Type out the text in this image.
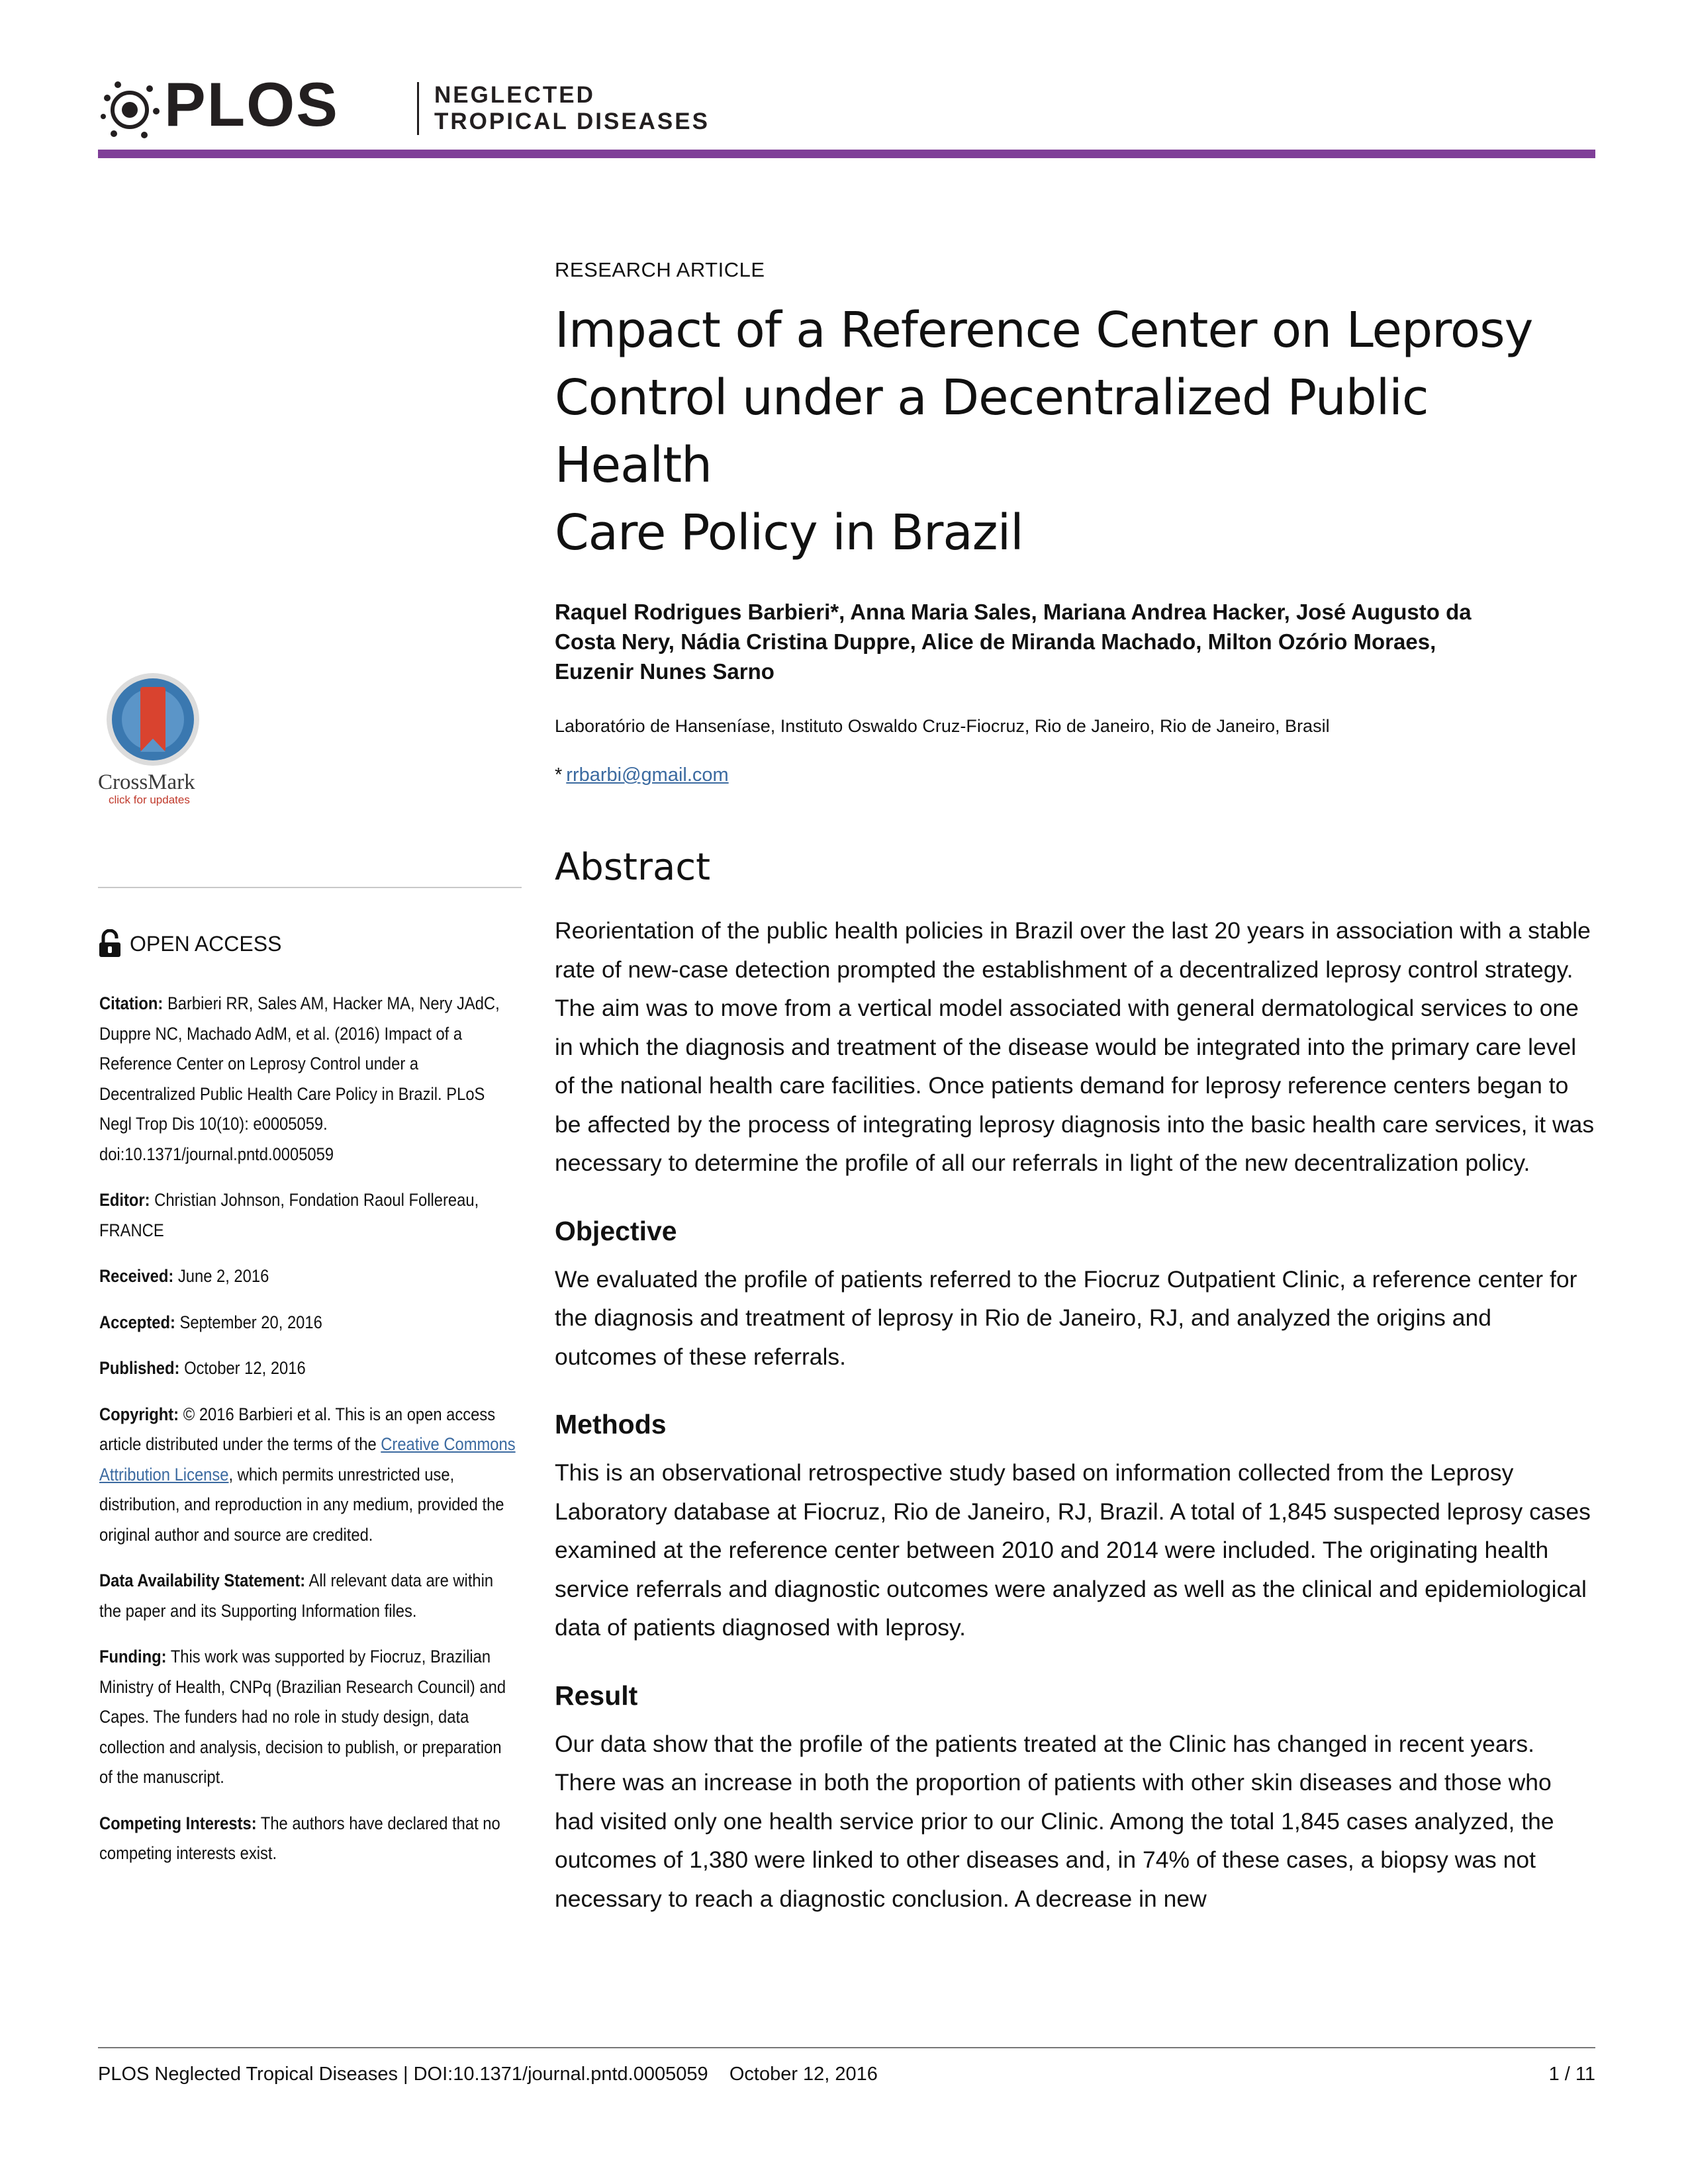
PLOS	NEGLECTED
TROPICAL DISEASES
CrossMark
click for updates
OPEN ACCESS

Citation: Barbieri RR, Sales AM, Hacker MA, Nery JAdC, Duppre NC, Machado AdM, et al. (2016) Impact of a Reference Center on Leprosy Control under a Decentralized Public Health Care Policy in Brazil. PLoS Negl Trop Dis 10(10): e0005059. doi:10.1371/journal.pntd.0005059

Editor: Christian Johnson, Fondation Raoul Follereau, FRANCE

Received: June 2, 2016

Accepted: September 20, 2016

Published: October 12, 2016

Copyright: © 2016 Barbieri et al. This is an open access article distributed under the terms of the Creative Commons Attribution License, which permits unrestricted use, distribution, and reproduction in any medium, provided the original author and source are credited.

Data Availability Statement: All relevant data are within the paper and its Supporting Information files.

Funding: This work was supported by Fiocruz, Brazilian Ministry of Health, CNPq (Brazilian Research Council) and Capes. The funders had no role in study design, data collection and analysis, decision to publish, or preparation of the manuscript.

Competing Interests: The authors have declared that no competing interests exist.

RESEARCH ARTICLE

Impact of a Reference Center on Leprosy
Control under a Decentralized Public Health
Care Policy in Brazil
Raquel Rodrigues Barbieri*, Anna Maria Sales, Mariana Andrea Hacker, José Augusto da
Costa Nery, Nádia Cristina Duppre, Alice de Miranda Machado, Milton Ozório Moraes,
Euzenir Nunes Sarno

Laboratório de Hanseníase, Instituto Oswaldo Cruz-Fiocruz, Rio de Janeiro, Rio de Janeiro, Brasil

* rrbarbi@gmail.com

Abstract

Reorientation of the public health policies in Brazil over the last 20 years in association with a stable rate of new-case detection prompted the establishment of a decentralized leprosy control strategy. The aim was to move from a vertical model associated with general dermatological services to one in which the diagnosis and treatment of the disease would be integrated into the primary care level of the national health care facilities. Once patients demand for leprosy reference centers began to be affected by the process of integrating leprosy diagnosis into the basic health care services, it was necessary to determine the profile of all our referrals in light of the new decentralization policy.

Objective

We evaluated the profile of patients referred to the Fiocruz Outpatient Clinic, a reference center for the diagnosis and treatment of leprosy in Rio de Janeiro, RJ, and analyzed the origins and outcomes of these referrals.

Methods

This is an observational retrospective study based on information collected from the Leprosy Laboratory database at Fiocruz, Rio de Janeiro, RJ, Brazil. A total of 1,845 suspected leprosy cases examined at the reference center between 2010 and 2014 were included. The originating health service referrals and diagnostic outcomes were analyzed as well as the clinical and epidemiological data of patients diagnosed with leprosy.

Result

Our data show that the profile of the patients treated at the Clinic has changed in recent years. There was an increase in both the proportion of patients with other skin diseases and those who had visited only one health service prior to our Clinic. Among the total 1,845 cases analyzed, the outcomes of 1,380 were linked to other diseases and, in 74% of these cases, a biopsy was not necessary to reach a diagnostic conclusion. A decrease in new

PLOS Neglected Tropical Diseases | DOI:10.1371/journal.pntd.0005059    October 12, 2016	1 / 11
